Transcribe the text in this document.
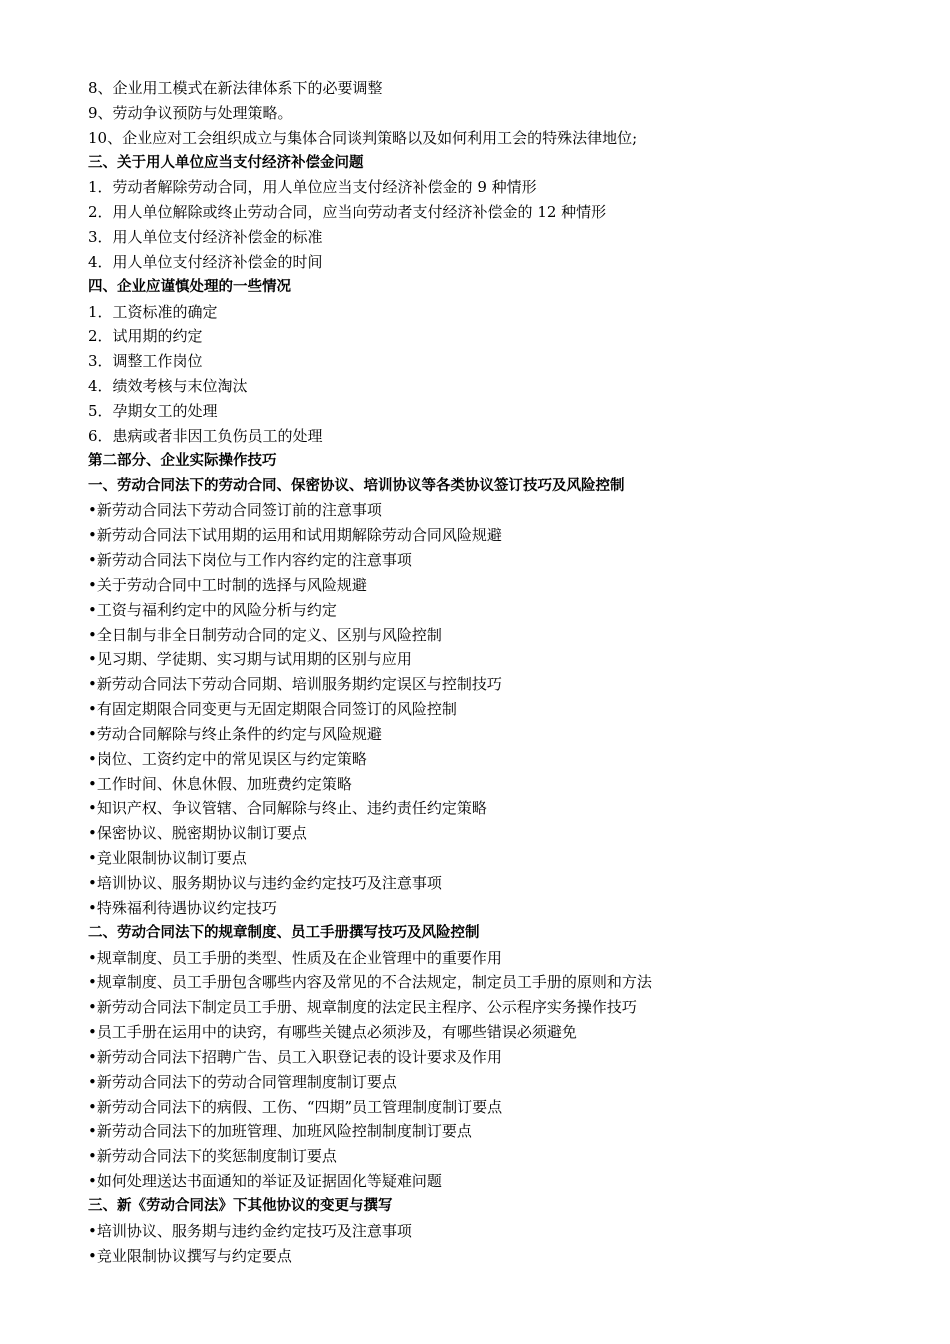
8、企业用工模式在新法律体系下的必要调整
9、劳动争议预防与处理策略。
10、企业应对工会组织成立与集体合同谈判策略以及如何利用工会的特殊法律地位;
三、关于用人单位应当支付经济补偿金问题
1．劳动者解除劳动合同，用人单位应当支付经济补偿金的 9 种情形
2．用人单位解除或终止劳动合同，应当向劳动者支付经济补偿金的 12 种情形
3．用人单位支付经济补偿金的标准
4．用人单位支付经济补偿金的时间
四、企业应谨慎处理的一些情况
1．工资标准的确定
2．试用期的约定
3．调整工作岗位
4．绩效考核与末位淘汰
5．孕期女工的处理
6．患病或者非因工负伤员工的处理
第二部分、企业实际操作技巧
一、劳动合同法下的劳动合同、保密协议、培训协议等各类协议签订技巧及风险控制
•新劳动合同法下劳动合同签订前的注意事项
•新劳动合同法下试用期的运用和试用期解除劳动合同风险规避
•新劳动合同法下岗位与工作内容约定的注意事项
•关于劳动合同中工时制的选择与风险规避
•工资与福利约定中的风险分析与约定
•全日制与非全日制劳动合同的定义、区别与风险控制
•见习期、学徒期、实习期与试用期的区别与应用
•新劳动合同法下劳动合同期、培训服务期约定误区与控制技巧
•有固定期限合同变更与无固定期限合同签订的风险控制
•劳动合同解除与终止条件的约定与风险规避
•岗位、工资约定中的常见误区与约定策略
•工作时间、休息休假、加班费约定策略
•知识产权、争议管辖、合同解除与终止、违约责任约定策略
•保密协议、脱密期协议制订要点
•竞业限制协议制订要点
•培训协议、服务期协议与违约金约定技巧及注意事项
•特殊福利待遇协议约定技巧
二、劳动合同法下的规章制度、员工手册撰写技巧及风险控制
•规章制度、员工手册的类型、性质及在企业管理中的重要作用
•规章制度、员工手册包含哪些内容及常见的不合法规定，制定员工手册的原则和方法
•新劳动合同法下制定员工手册、规章制度的法定民主程序、公示程序实务操作技巧
•员工手册在运用中的诀窍，有哪些关键点必须涉及，有哪些错误必须避免
•新劳动合同法下招聘广告、员工入职登记表的设计要求及作用
•新劳动合同法下的劳动合同管理制度制订要点
•新劳动合同法下的病假、工伤、“四期”员工管理制度制订要点
•新劳动合同法下的加班管理、加班风险控制制度制订要点
•新劳动合同法下的奖惩制度制订要点
•如何处理送达书面通知的举证及证据固化等疑难问题
三、新《劳动合同法》下其他协议的变更与撰写
•培训协议、服务期与违约金约定技巧及注意事项
•竞业限制协议撰写与约定要点
